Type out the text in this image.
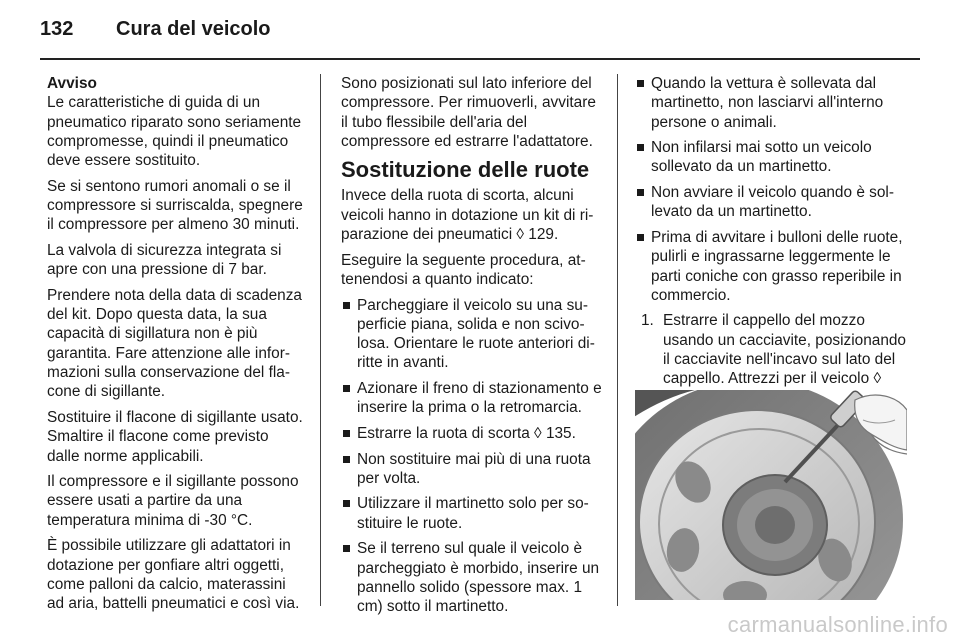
132	Cura del veicolo

Avviso

Le caratteristiche di guida di un pneumatico riparato sono seriamente compromesse, quindi il pneumatico deve essere sostituito.

Se si sentono rumori anomali o se il compressore si surriscalda, spegnere il compressore per almeno 30 minuti.

La valvola di sicurezza integrata si apre con una pressione di 7 bar.

Prendere nota della data di scadenza del kit. Dopo questa data, la sua capacità di sigillatura non è più garantita. Fare attenzione alle informazioni sulla conservazione del flacone di sigillante.

Sostituire il flacone di sigillante usato. Smaltire il flacone come previsto dalle norme applicabili.

Il compressore e il sigillante possono essere usati a partire da una temperatura minima di -30 °C.

È possibile utilizzare gli adattatori in dotazione per gonfiare altri oggetti, come palloni da calcio, materassini ad aria, battelli pneumatici e così via.

Sono posizionati sul lato inferiore del compressore. Per rimuoverli, avvitare il tubo flessibile dell'aria del compressore ed estrarre l'adattatore.

Sostituzione delle ruote

Invece della ruota di scorta, alcuni veicoli hanno in dotazione un kit di riparazione dei pneumatici ◊ 129.

Eseguire la seguente procedura, attenendosi a quanto indicato:

Parcheggiare il veicolo su una superficie piana, solida e non scivolosa. Orientare le ruote anteriori diritte in avanti.
Azionare il freno di stazionamento e inserire la prima o la retromarcia.
Estrarre la ruota di scorta ◊ 135.
Non sostituire mai più di una ruota per volta.
Utilizzare il martinetto solo per sostituire le ruote.
Se il terreno sul quale il veicolo è parcheggiato è morbido, inserire un pannello solido (spessore max. 1 cm) sotto il martinetto.
Quando la vettura è sollevata dal martinetto, non lasciarvi all'interno persone o animali.
Non infilarsi mai sotto un veicolo sollevato da un martinetto.
Non avviare il veicolo quando è sollevato da un martinetto.
Prima di avvitare i bulloni delle ruote, pulirli e ingrassarne leggermente le parti coniche con grasso reperibile in commercio.
1. Estrarre il cappello del mozzo usando un cacciavite, posizionando il cacciavite nell'incavo sul lato del cappello. Attrezzi per il veicolo ◊
carmanualsonline.info
